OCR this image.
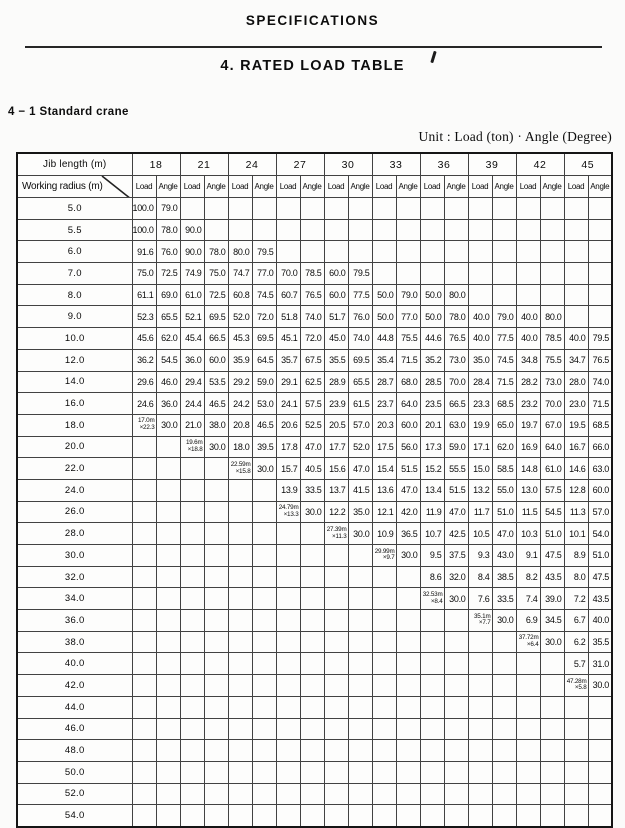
SPECIFICATIONS
4. RATED LOAD TABLE
4 − 1 Standard crane
Unit : Load (ton) · Angle (Degree)
Jib length (m)	18		21		24		27		30		33		36		39		42		45	
Working radius (m)	Load	Angle	Load	Angle	Load	Angle	Load	Angle	Load	Angle	Load	Angle	Load	Angle	Load	Angle	Load	Angle	Load	Angle
5.0	100.0	79.0																		
5.5	100.0	78.0	90.0																	
6.0	91.6	76.0	90.0	78.0	80.0	79.5														
7.0	75.0	72.5	74.9	75.0	74.7	77.0	70.0	78.5	60.0	79.5										
8.0	61.1	69.0	61.0	72.5	60.8	74.5	60.7	76.5	60.0	77.5	50.0	79.0	50.0	80.0						
9.0	52.3	65.5	52.1	69.5	52.0	72.0	51.8	74.0	51.7	76.0	50.0	77.0	50.0	78.0	40.0	79.0	40.0	80.0		
10.0	45.6	62.0	45.4	66.5	45.3	69.5	45.1	72.0	45.0	74.0	44.8	75.5	44.6	76.5	40.0	77.5	40.0	78.5	40.0	79.5
12.0	36.2	54.5	36.0	60.0	35.9	64.5	35.7	67.5	35.5	69.5	35.4	71.5	35.2	73.0	35.0	74.5	34.8	75.5	34.7	76.5
14.0	29.6	46.0	29.4	53.5	29.2	59.0	29.1	62.5	28.9	65.5	28.7	68.0	28.5	70.0	28.4	71.5	28.2	73.0	28.0	74.0
16.0	24.6	36.0	24.4	46.5	24.2	53.0	24.1	57.5	23.9	61.5	23.7	64.0	23.5	66.5	23.3	68.5	23.2	70.0	23.0	71.5
18.0	17.0m
×22.3	30.0	21.0	38.0	20.8	46.5	20.6	52.5	20.5	57.0	20.3	60.0	20.1	63.0	19.9	65.0	19.7	67.0	19.5	68.5
20.0			19.6m
×18.8	30.0	18.0	39.5	17.8	47.0	17.7	52.0	17.5	56.0	17.3	59.0	17.1	62.0	16.9	64.0	16.7	66.0
22.0					22.59m
×15.8	30.0	15.7	40.5	15.6	47.0	15.4	51.5	15.2	55.5	15.0	58.5	14.8	61.0	14.6	63.0
24.0							13.9	33.5	13.7	41.5	13.6	47.0	13.4	51.5	13.2	55.0	13.0	57.5	12.8	60.0
26.0							24.79m
×13.3	30.0	12.2	35.0	12.1	42.0	11.9	47.0	11.7	51.0	11.5	54.5	11.3	57.0
28.0									27.39m
×11.3	30.0	10.9	36.5	10.7	42.5	10.5	47.0	10.3	51.0	10.1	54.0
30.0											29.99m
×9.7	30.0	9.5	37.5	9.3	43.0	9.1	47.5	8.9	51.0
32.0													8.6	32.0	8.4	38.5	8.2	43.5	8.0	47.5
34.0													32.53m
×8.4	30.0	7.6	33.5	7.4	39.0	7.2	43.5
36.0															35.1m
×7.7	30.0	6.9	34.5	6.7	40.0
38.0																	37.72m
×6.4	30.0	6.2	35.5
40.0																			5.7	31.0
42.0																			47.28m
×5.8	30.0
44.0																				
46.0																				
48.0																				
50.0																				
52.0																				
54.0																				
